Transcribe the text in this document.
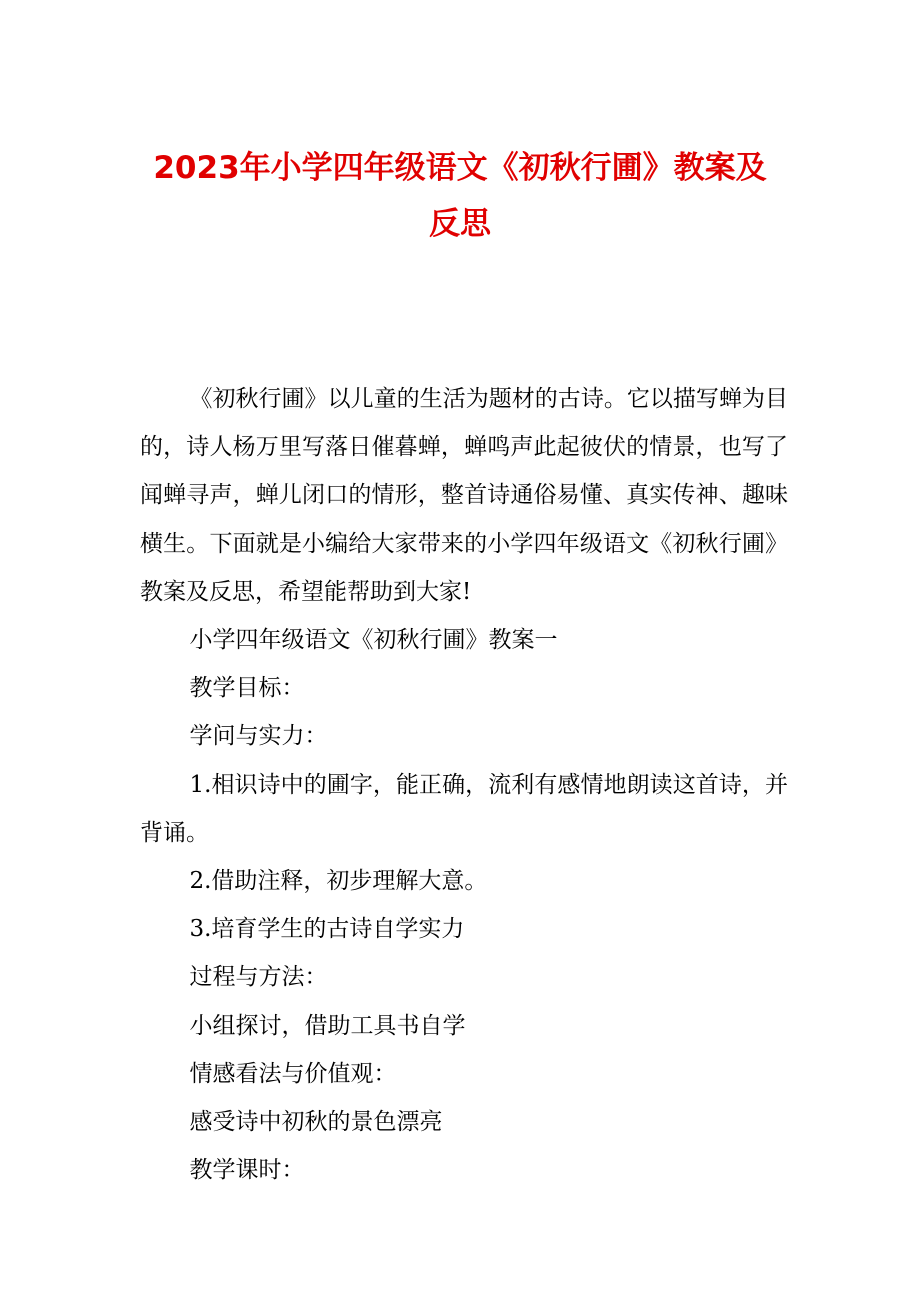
2023年小学四年级语文《初秋行圃》教案及
反思

《初秋行圃》以儿童的生活为题材的古诗。它以描写蝉为目的，诗人杨万里写落日催暮蝉，蝉鸣声此起彼伏的情景，也写了闻蝉寻声，蝉儿闭口的情形，整首诗通俗易懂、真实传神、趣味横生。下面就是小编给大家带来的小学四年级语文《初秋行圃》教案及反思，希望能帮助到大家!

小学四年级语文《初秋行圃》教案一

教学目标：

学问与实力：

1.相识诗中的圃字，能正确，流利有感情地朗读这首诗，并背诵。

2.借助注释，初步理解大意。

3.培育学生的古诗自学实力

过程与方法：

小组探讨，借助工具书自学

情感看法与价值观：

感受诗中初秋的景色漂亮

教学课时：
